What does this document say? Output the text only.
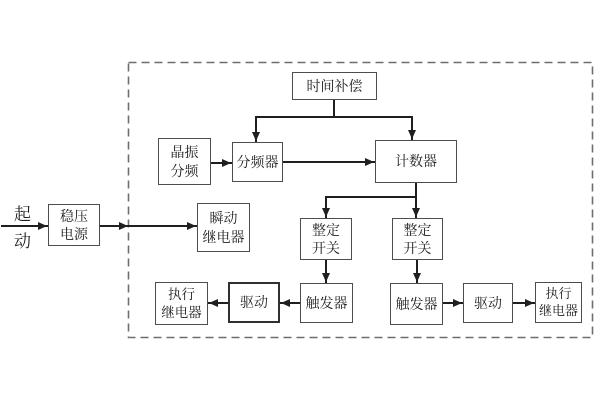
起
动
稳压
电源
时间补偿
晶振
分频
分频器	计数器
瞬动
继电器	整定
开关
整定
开关
触发器	触发器
驱动	驱动
执行
继电器
执行
继电器
